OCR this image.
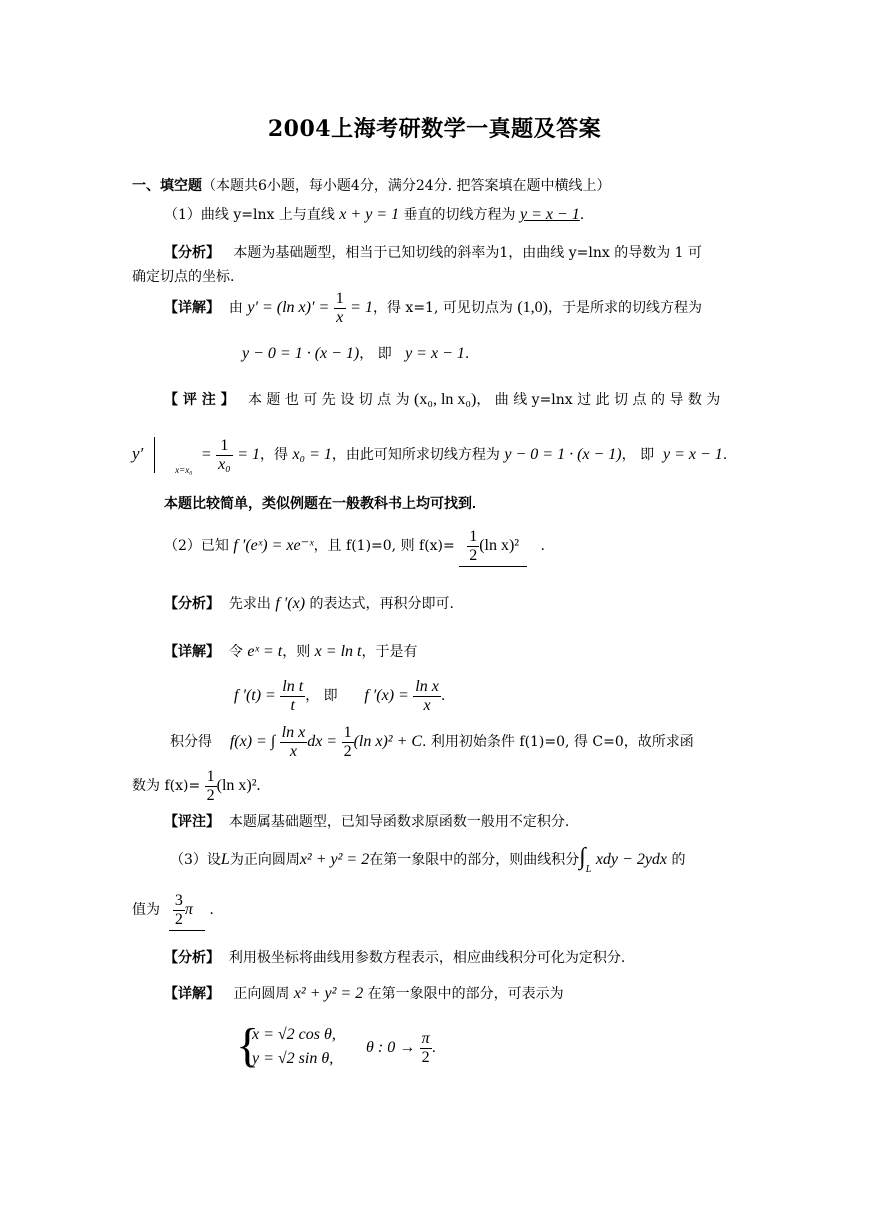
2004上海考研数学一真题及答案
一、填空题（本题共6小题，每小题4分，满分24分. 把答案填在题中横线上）
（1）曲线 y=lnx 上与直线 x + y = 1 垂直的切线方程为 y = x − 1.
【分析】 本题为基础题型，相当于已知切线的斜率为1，由曲线 y=lnx 的导数为 1 可
确定切点的坐标.
【详解】 由 y′ = (ln $x)' = \frac{1}{x} = 1$，得 x=1, 可见切点为 (1,0)，于是所求的切线方程为
y − 0 = 1 · (x − 1)， 即 y = x − 1.
【 评 注 】 本 题 也 可 先 设 切 点 为 (x₀, ln x₀)， 曲 线 y=lnx 过 此 切 点 的 导 数 为
y′  $_{x=x_0} = \frac{1}{\text{x₀}} = 1$，得 x₀ = 1，由此可知所求切线方程为 y − 0 = 1 · (x − 1)， 即 y = x − 1.
本题比较简单，类似例题在一般教科书上均可找到.
（2）已知 f ′(eˣ) = xe⁻ˣ，且 f(1)=0, 则 $f(x)= \frac{1}{2} (\ln$ x)² .
【分析】 先求出 f ′(x) 的表达式，再积分即可.
【详解】 令 eˣ = t，则 x = ln t，于是有
f $'(t) = \frac{\text{ln t}}{t}$ ， 即 f $'(x) = \frac{\text{ln x}}{x}$ .
积分得 f(x) = ∫ $\frac{\text{ln x}}{x}$ dx = $\frac{1}{2} (\ln$ x)² + C. 利用初始条件 f(1)=0, 得 C=0，故所求函
数为 $f(x)= \frac{1}{2} (\ln$ x)².
【评注】 本题属基础题型，已知导函数求原函数一般用不定积分.
（3）设L为正向圆周x² + y² = 2在第一象限中的部分，则曲线积分$\int_L$ xdy − 2ydx 的
值为 $\frac{3}{2}$ π .
【分析】 利用极坐标将曲线用参数方程表示，相应曲线积分可化为定积分.
【详解】 正向圆周 x² + y² = 2 在第一象限中的部分，可表示为
{
x = √2 cos θ,
y = √2 sin θ,
θ : $0 \to \frac{\pi}{2}$ .
